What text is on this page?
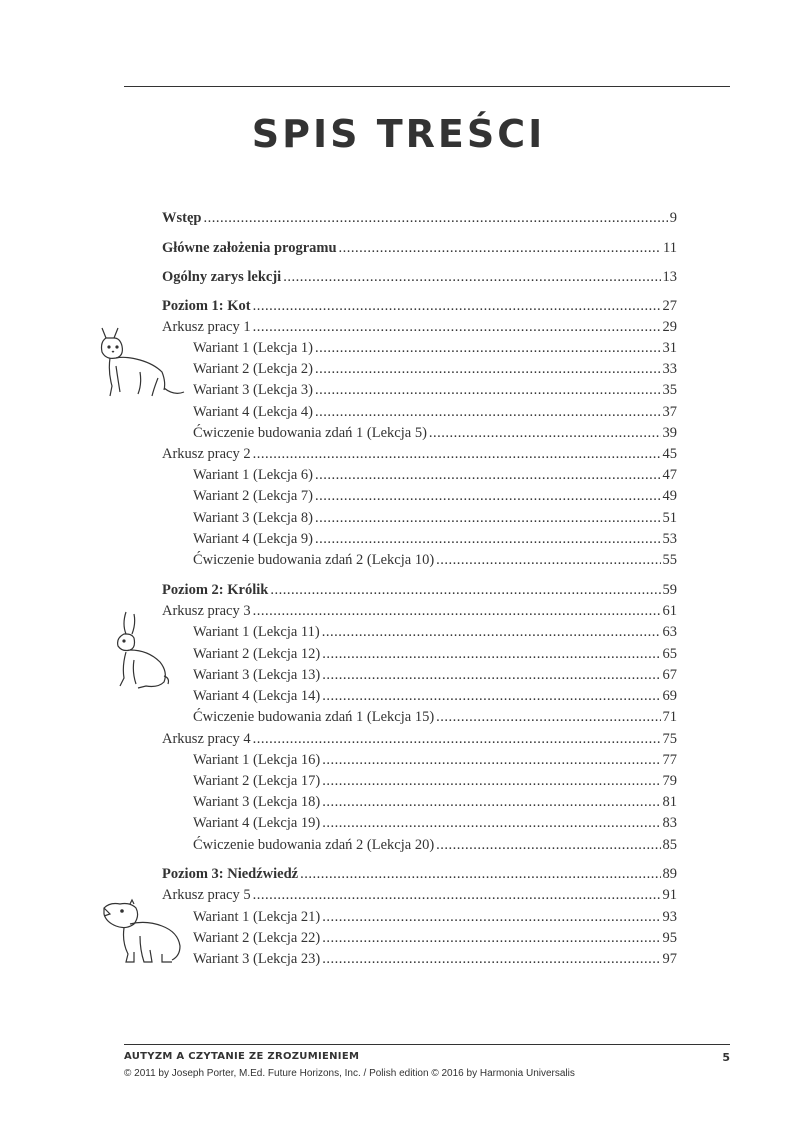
SPIS TREŚCI
Wstęp .....	9
Główne założenia programu .....	11
Ogólny zarys lekcji .....	13
Poziom 1: Kot .....	27
Arkusz pracy 1 .....	29
Wariant 1 (Lekcja 1) .....	31
Wariant 2 (Lekcja 2) .....	33
Wariant 3 (Lekcja 3) .....	35
Wariant 4 (Lekcja 4) .....	37
Ćwiczenie budowania zdań 1 (Lekcja 5) .....	39
Arkusz pracy 2 .....	45
Wariant 1 (Lekcja 6) .....	47
Wariant 2 (Lekcja 7) .....	49
Wariant 3 (Lekcja 8) .....	51
Wariant 4 (Lekcja 9) .....	53
Ćwiczenie budowania zdań 2 (Lekcja 10) .....	55
Poziom 2: Królik .....	59
Arkusz pracy 3 .....	61
Wariant 1 (Lekcja 11) .....	63
Wariant 2 (Lekcja 12) .....	65
Wariant 3 (Lekcja 13) .....	67
Wariant 4 (Lekcja 14) .....	69
Ćwiczenie budowania zdań 1 (Lekcja 15) .....	71
Arkusz pracy 4 .....	75
Wariant 1 (Lekcja 16) .....	77
Wariant 2 (Lekcja 17) .....	79
Wariant 3 (Lekcja 18) .....	81
Wariant 4 (Lekcja 19) .....	83
Ćwiczenie budowania zdań 2 (Lekcja 20) .....	85
Poziom 3: Niedźwiedź .....	89
Arkusz pracy 5 .....	91
Wariant 1 (Lekcja 21) .....	93
Wariant 2 (Lekcja 22) .....	95
Wariant 3 (Lekcja 23) .....	97
AUTYZM A CZYTANIE ZE ZROZUMIENIEM	5
© 2011 by Joseph Porter, M.Ed. Future Horizons, Inc. / Polish edition © 2016 by Harmonia Universalis
